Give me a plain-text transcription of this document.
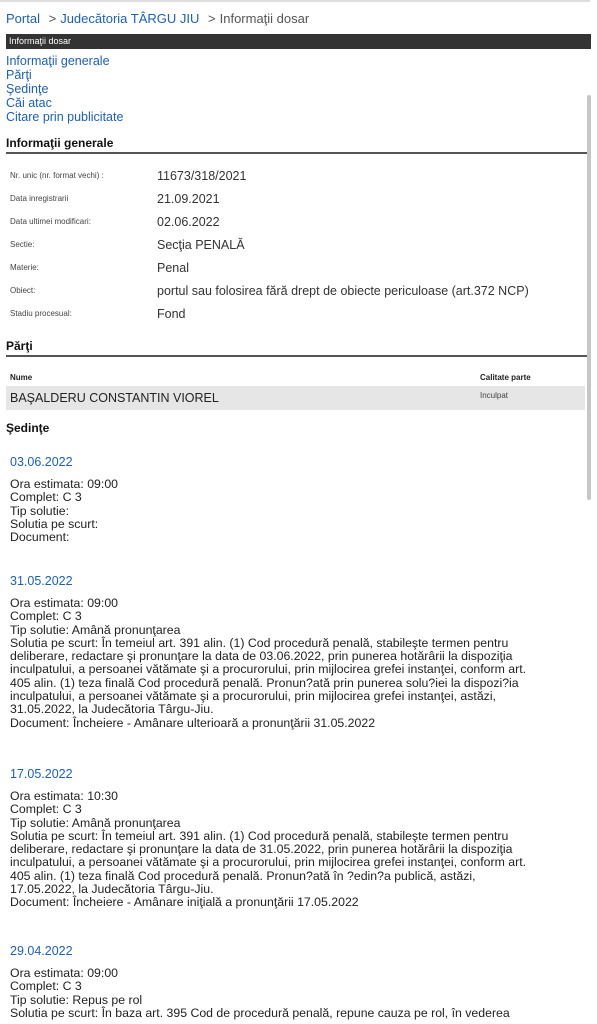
Portal > Judecătoria TÂRGU JIU > Informaţii dosar
Informaţii dosar
Informaţii generale
Părţi
Şedinţe
Căi atac
Citare prin publicitate
Informaţii generale
Nr. unic (nr. format vechi) :	11673/318/2021
Data inregistrarii	21.09.2021
Data ultimei modificari:	02.06.2022
Sectie:	Secţia PENALĂ
Materie:	Penal
Obiect:	portul sau folosirea fără drept de obiecte periculoase (art.372 NCP)
Stadiu procesual:	Fond
Părţi
Nume	Calitate parte
BAŞALDERU CONSTANTIN VIOREL	Inculpat
Şedinţe
03.06.2022
Ora estimata: 09:00
Complet: C 3
Tip solutie:
Solutia pe scurt:
Document:
31.05.2022
Ora estimata: 09:00
Complet: C 3
Tip solutie: Amână pronunţarea
Solutia pe scurt: În temeiul art. 391 alin. (1) Cod procedură penală, stabileşte termen pentru
deliberare, redactare şi pronunţare la data de 03.06.2022, prin punerea hotărârii la dispoziţia
inculpatului, a persoanei vătămate şi a procurorului, prin mijlocirea grefei instanţei, conform art.
405 alin. (1) teza finală Cod procedură penală. Pronun?ată prin punerea solu?iei la dispozi?ia
inculpatului, a persoanei vătămate şi a procurorului, prin mijlocirea grefei instanţei, astăzi,
31.05.2022, la Judecătoria Târgu-Jiu.
Document: Încheiere - Amânare ulterioară a pronunţării 31.05.2022
17.05.2022
Ora estimata: 10:30
Complet: C 3
Tip solutie: Amână pronunţarea
Solutia pe scurt: În temeiul art. 391 alin. (1) Cod procedură penală, stabileşte termen pentru
deliberare, redactare şi pronunţare la data de 31.05.2022, prin punerea hotărârii la dispoziţia
inculpatului, a persoanei vătămate şi a procurorului, prin mijlocirea grefei instanţei, conform art.
405 alin. (1) teza finală Cod procedură penală. Pronun?ată în ?edin?a publică, astăzi,
17.05.2022, la Judecătoria Târgu-Jiu.
Document: Încheiere - Amânare iniţială a pronunţării 17.05.2022
29.04.2022
Ora estimata: 09:00
Complet: C 3
Tip solutie: Repus pe rol
Solutia pe scurt: În baza art. 395 Cod de procedură penală, repune cauza pe rol, în vederea
